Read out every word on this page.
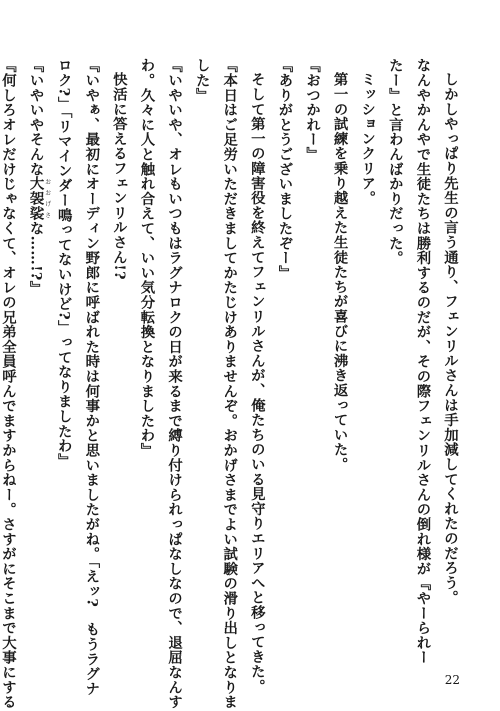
しかしやっぱり先生の言う通り、フェンリルさんは手加減してくれたのだろう。
なんやかんやで生徒たちは勝利するのだが、その際フェンリルさんの倒れ様が『やーられー
たー』と言わんばかりだった。
ミッションクリア。
第一の試練を乗り越えた生徒たちが喜びに沸き返っていた。
『おつかれー』
『ありがとうございましたぞー』
そして第一の障害役を終えてフェンリルさんが、俺たちのいる見守りエリアへと移ってきた。
『本日はご足労いただきましてかたじけありませんぞ。おかげさまでよい試験の滑り出しとなりま
した』
『いやいや、オレもいつもはラグナロクの日が来るまで縛り付けられっぱなしなので、退屈なんす
わ。久々に人と触れ合えて、いい気分転換となりましたわ』
快活に答えるフェンリルさん!?
『いやぁ、最初にオーディン野郎に呼ばれた時は何事かと思いましたがね。「えッ?　もうラグナ
ロク?」「リマインダー鳴ってないけど?」ってなりましたわ』
『いやいやそんな大袈裟 おおげさな……!?』
『何しろオレだけじゃなくて、オレの兄弟全員呼んでますからねー。さすがにそこまで大事にする	22
